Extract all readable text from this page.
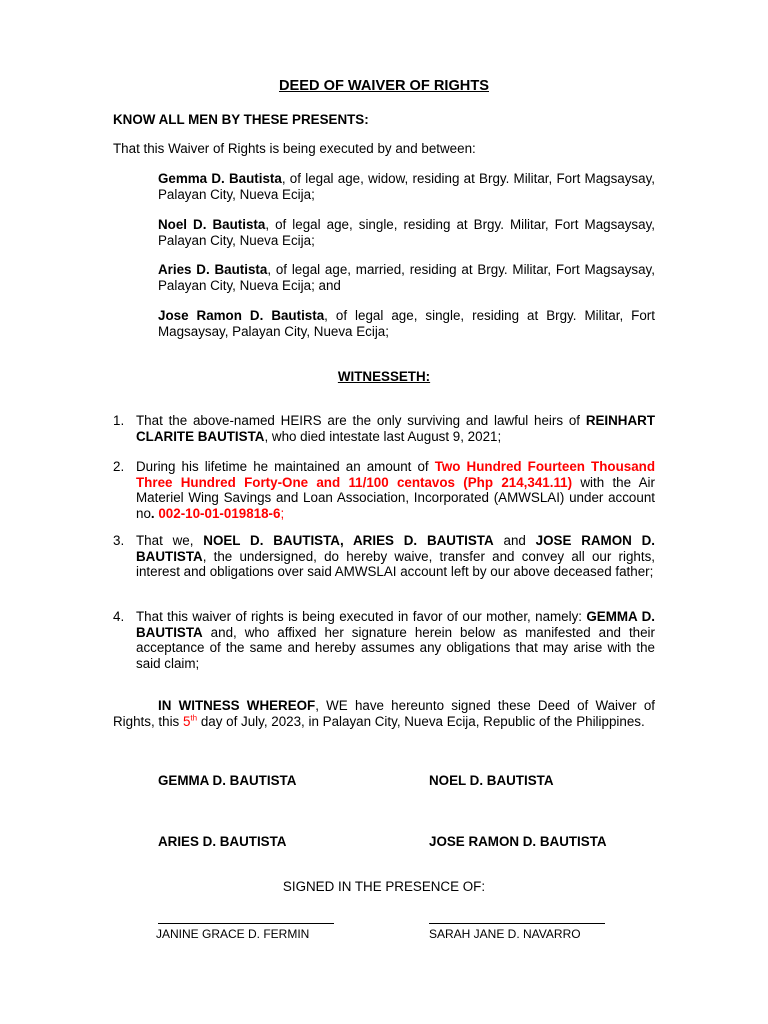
DEED OF WAIVER OF RIGHTS
KNOW ALL MEN BY THESE PRESENTS:
That this Waiver of Rights is being executed by and between:
Gemma D. Bautista, of legal age, widow, residing at Brgy. Militar, Fort Magsaysay, Palayan City, Nueva Ecija;
Noel D. Bautista, of legal age, single, residing at Brgy. Militar, Fort Magsaysay, Palayan City, Nueva Ecija;
Aries D. Bautista, of legal age, married, residing at Brgy. Militar, Fort Magsaysay, Palayan City, Nueva Ecija; and
Jose Ramon D. Bautista, of legal age, single, residing at Brgy. Militar, Fort Magsaysay, Palayan City, Nueva Ecija;
WITNESSETH:
1. That the above-named HEIRS are the only surviving and lawful heirs of REINHART CLARITE BAUTISTA, who died intestate last August 9, 2021;
2. During his lifetime he maintained an amount of Two Hundred Fourteen Thousand Three Hundred Forty-One and 11/100 centavos (Php 214,341.11) with the Air Materiel Wing Savings and Loan Association, Incorporated (AMWSLAI) under account no. 002-10-01-019818-6;
3. That we, NOEL D. BAUTISTA, ARIES D. BAUTISTA and JOSE RAMON D. BAUTISTA, the undersigned, do hereby waive, transfer and convey all our rights, interest and obligations over said AMWSLAI account left by our above deceased father;
4. That this waiver of rights is being executed in favor of our mother, namely: GEMMA D. BAUTISTA and, who affixed her signature herein below as manifested and their acceptance of the same and hereby assumes any obligations that may arise with the said claim;
IN WITNESS WHEREOF, WE have hereunto signed these Deed of Waiver of Rights, this 5th day of July, 2023, in Palayan City, Nueva Ecija, Republic of the Philippines.
GEMMA D. BAUTISTA	NOEL D. BAUTISTA
ARIES D. BAUTISTA	JOSE RAMON D. BAUTISTA
SIGNED IN THE PRESENCE OF:
JANINE GRACE D. FERMIN	SARAH JANE D. NAVARRO
